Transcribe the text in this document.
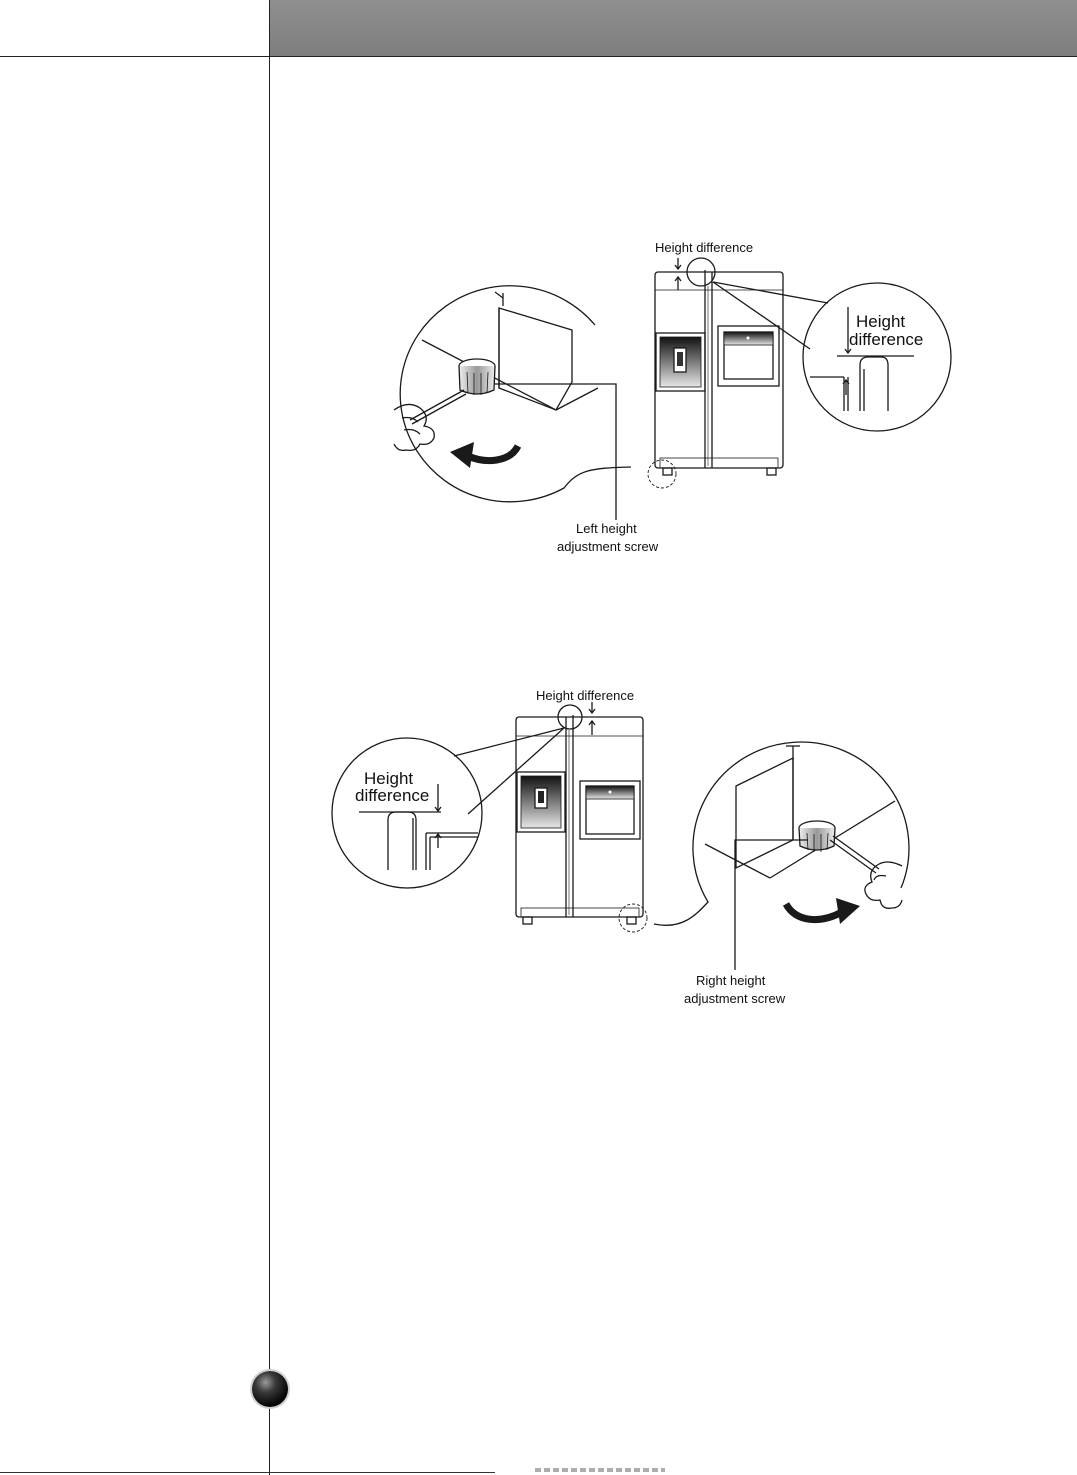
Height difference
Height
difference
Left height
adjustment screw
Height difference
Height
difference
Right height
adjustment screw
